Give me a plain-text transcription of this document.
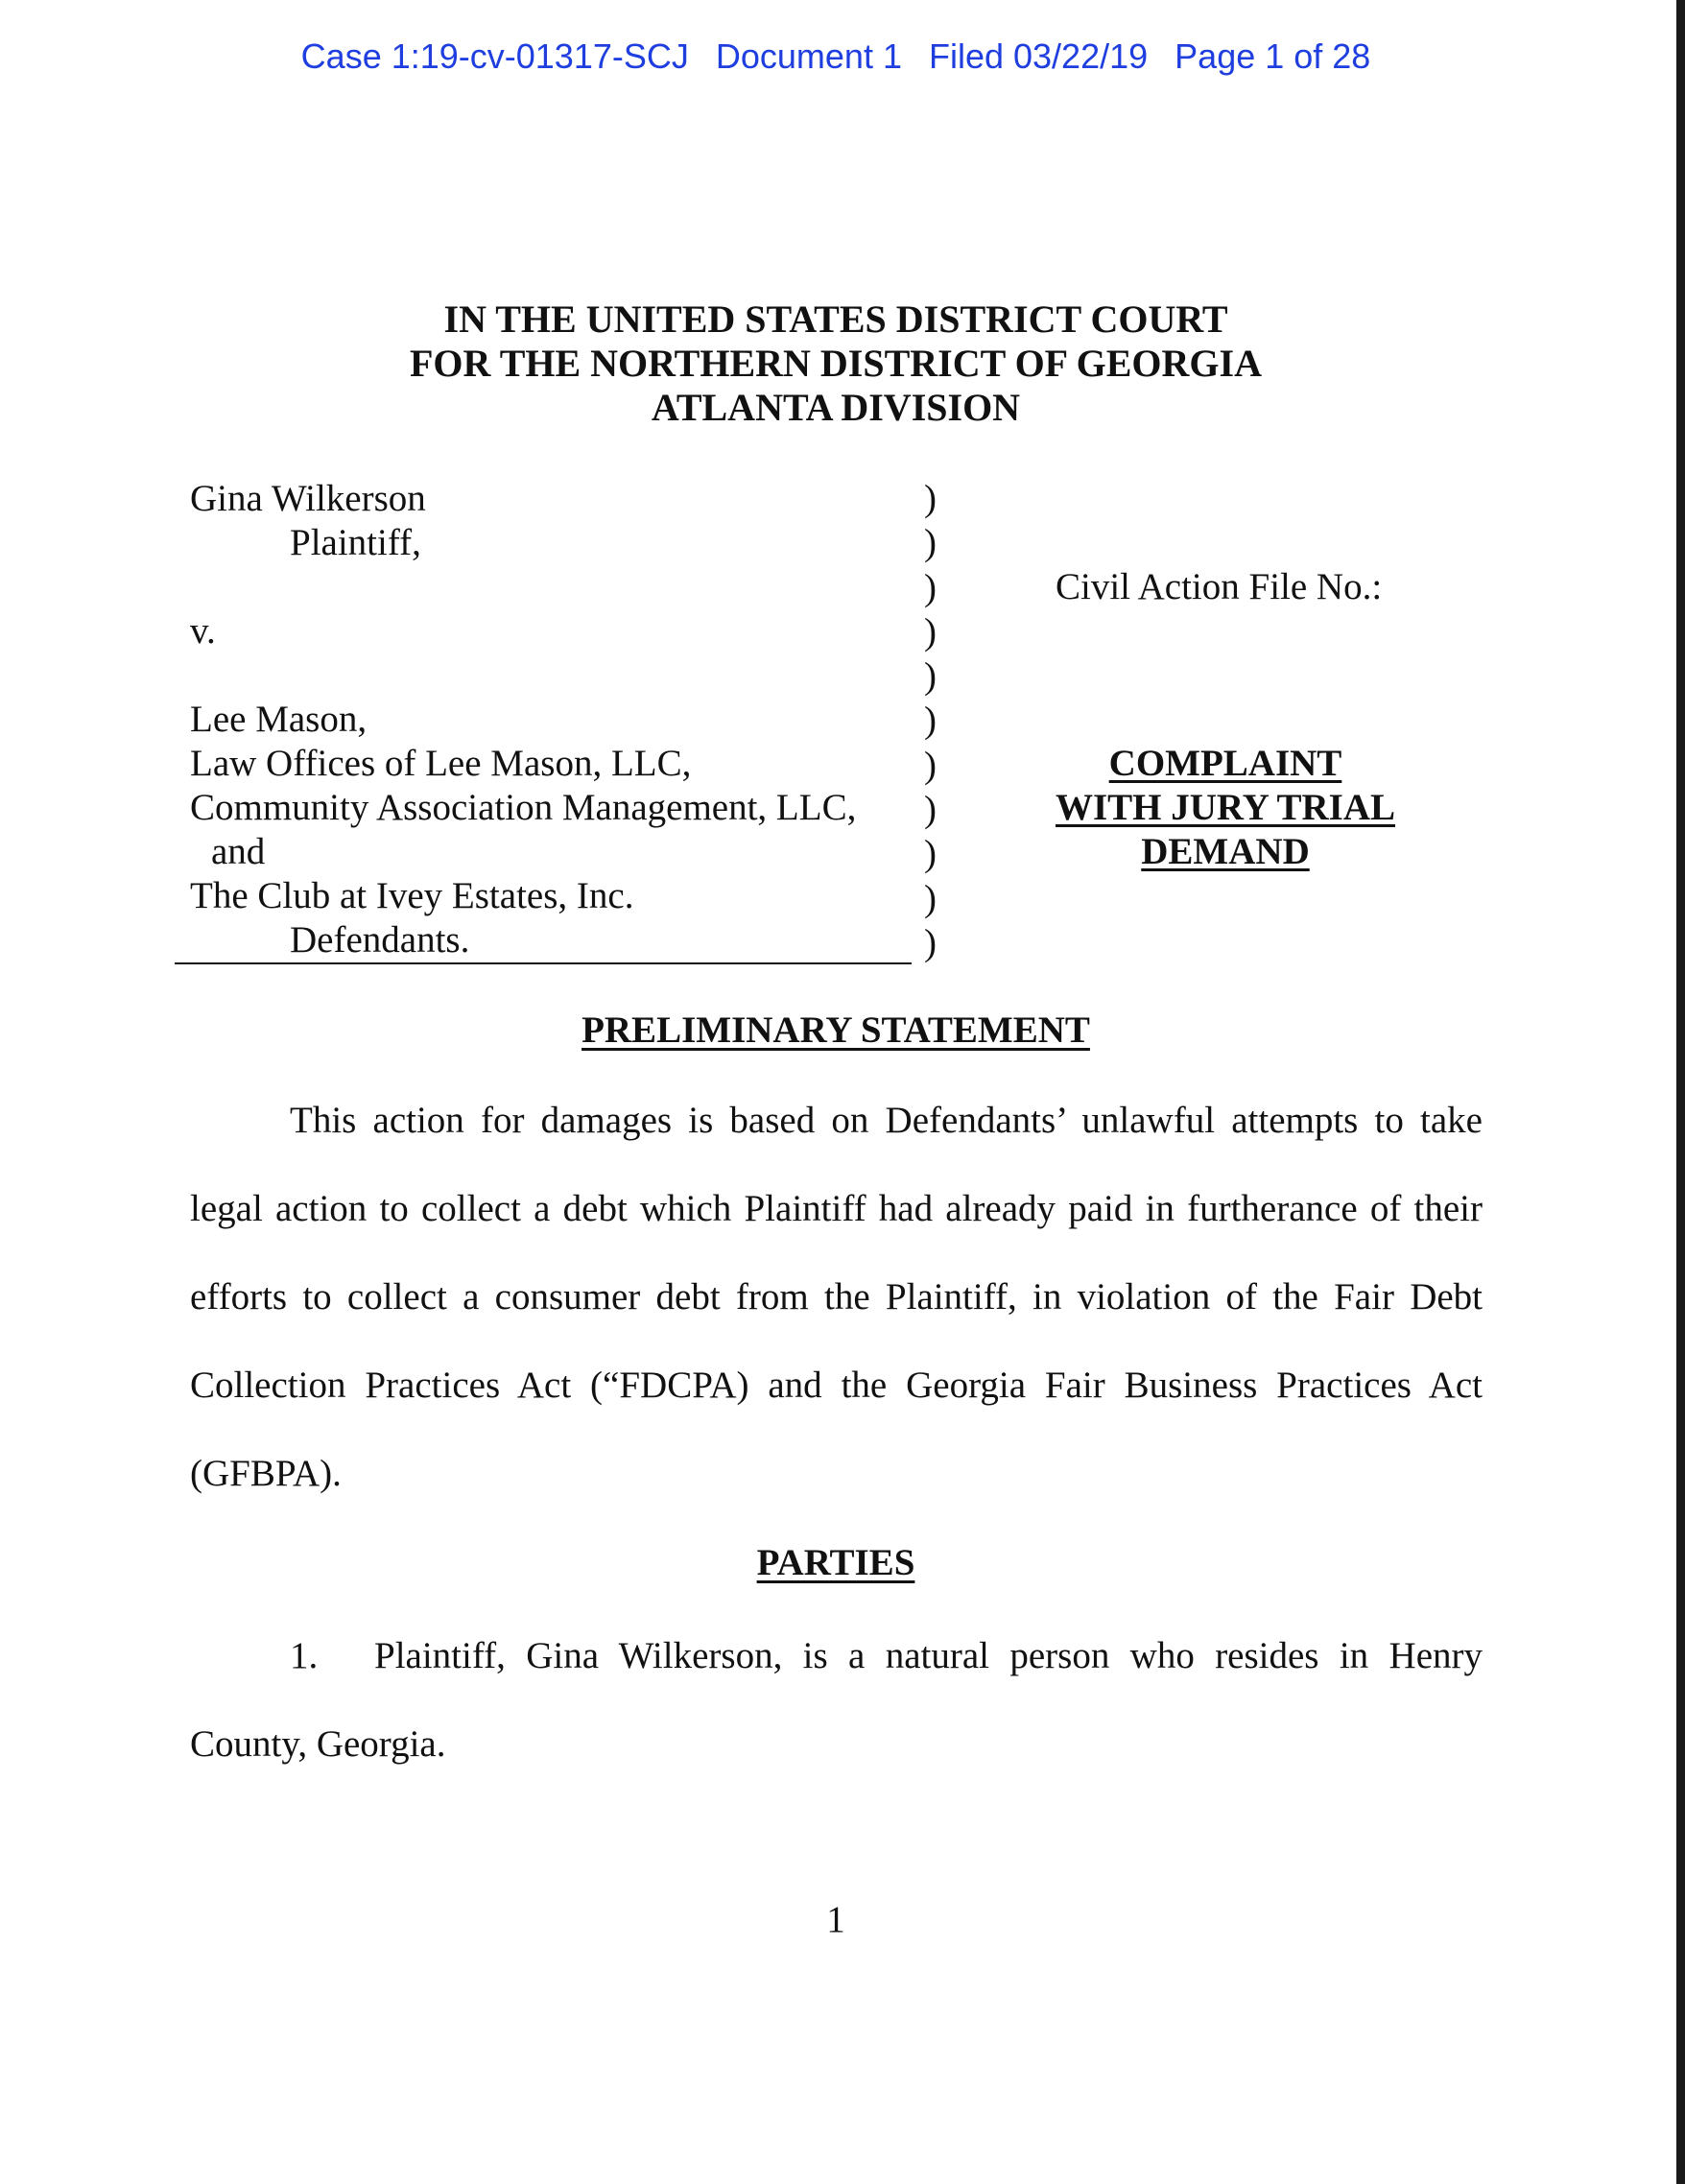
Case 1:19-cv-01317-SCJ Document 1 Filed 03/22/19 Page 1 of 28
IN THE UNITED STATES DISTRICT COURT
FOR THE NORTHERN DISTRICT OF GEORGIA
ATLANTA DIVISION
Gina Wilkerson
Plaintiff,
v.
Lee Mason,
Law Offices of Lee Mason, LLC,
Community Association Management, LLC,
and
The Club at Ivey Estates, Inc.
Defendants.
)
)
)
)
)
)
)
)
)
)
)
Civil Action File No.:
COMPLAINT
WITH JURY TRIAL
DEMAND
PRELIMINARY STATEMENT

This action for damages is based on Defendants’ unlawful attempts to take legal action to collect a debt which Plaintiff had already paid in furtherance of their efforts to collect a consumer debt from the Plaintiff, in violation of the Fair Debt Collection Practices Act (“FDCPA) and the Georgia Fair Business Practices Act (GFBPA).

PARTIES

1. Plaintiff, Gina Wilkerson, is a natural person who resides in Henry County, Georgia.

1
